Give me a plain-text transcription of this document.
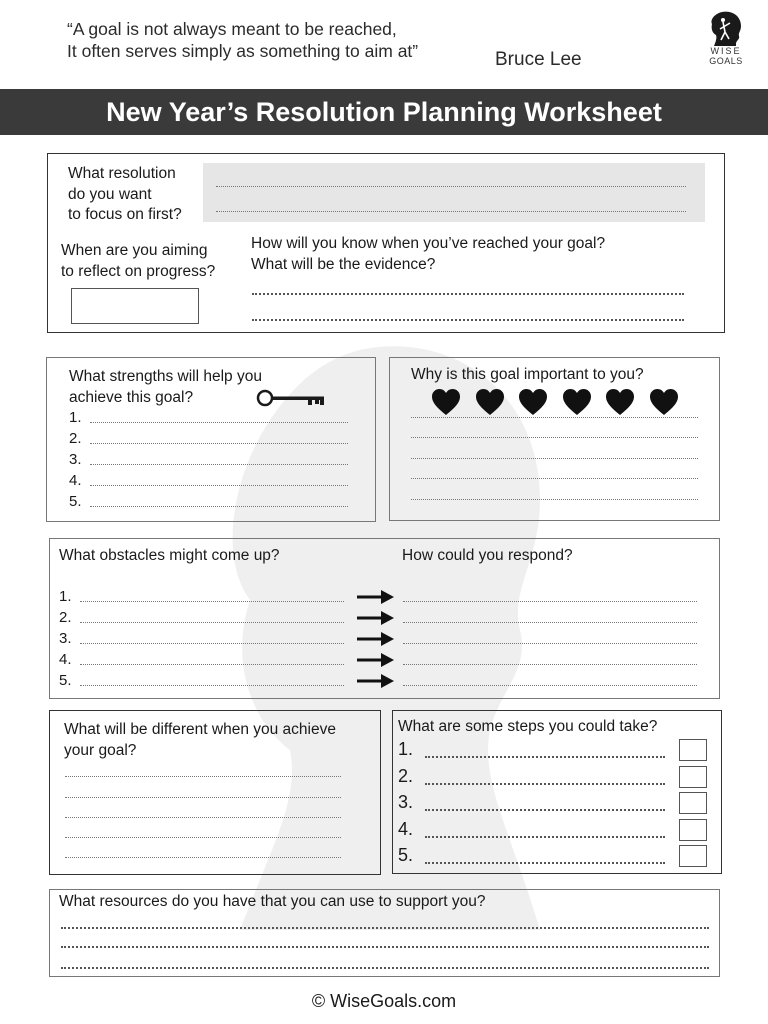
“A goal is not always meant to be reached,
It often serves simply as something to aim at”	Bruce Lee	WISE
GOALS
New Year’s Resolution Planning Worksheet
What resolution
do you want
to focus on first?
When are you aiming
to reflect on progress?
How will you know when you’ve reached your goal?
What will be the evidence?
What strengths will help you
achieve this goal?
1.
2.
3.
4.
5.
Why is this goal important to you?
What obstacles might come up?	How could you respond?
1.
2.
3.
4.
5.
What will be different when you achieve
your goal?
What are some steps you could take?
1.
2.
3.
4.
5.
What resources do you have that you can use to support you?
© WiseGoals.com
